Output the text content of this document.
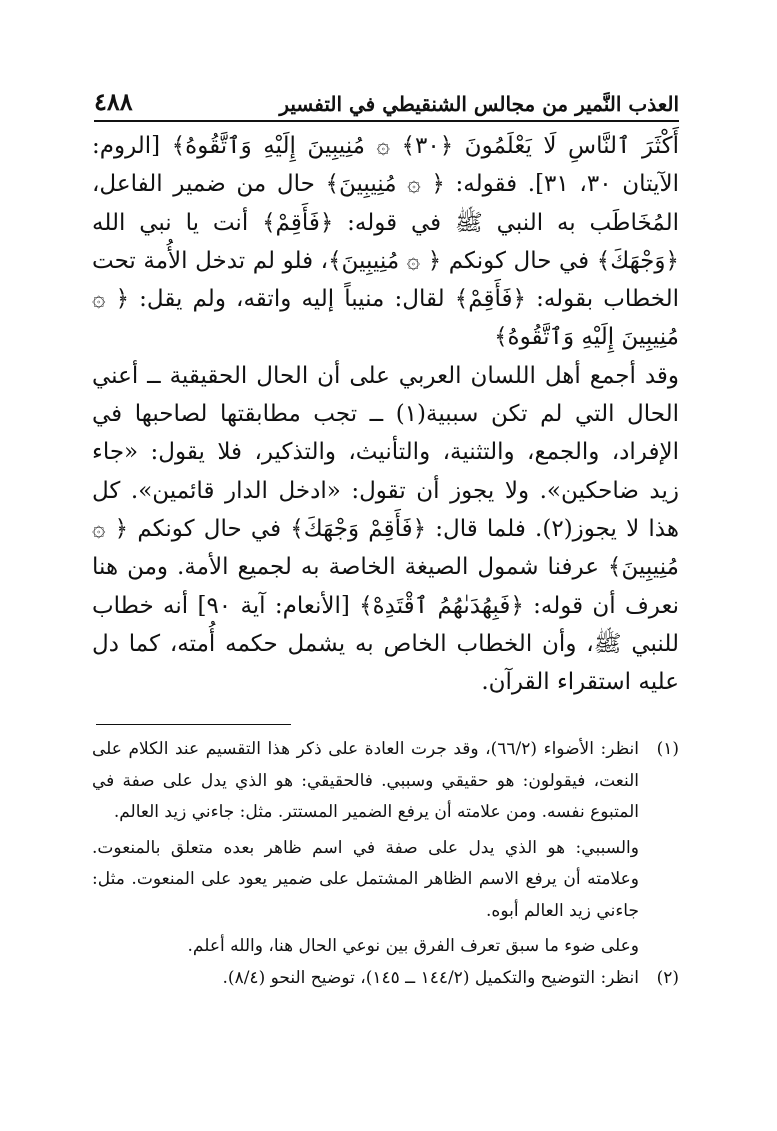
العذب النَّمير من مجالس الشنقيطي في التفسير
٤٨٨

أَكْثَرَ ٱلنَّاسِ لَا يَعْلَمُونَ ﴿٣٠﴾ ۞ مُنِيبِينَ إِلَيْهِ وَٱتَّقُوهُ﴾ [الروم: الآيتان ٣٠، ٣١]. فقوله: ﴿ ۞ مُنِيبِينَ﴾ حال من ضمير الفاعل، المُخَاطَب به النبي ﷺ في قوله: ﴿فَأَقِمْ﴾ أنت يا نبي الله ﴿وَجْهَكَ﴾ في حال كونكم ﴿ ۞ مُنِيبِينَ﴾، فلو لم تدخل الأُمة تحت الخطاب بقوله: ﴿فَأَقِمْ﴾ لقال: منيباً إليه واتقه، ولم يقل: ﴿ ۞ مُنِيبِينَ إِلَيْهِ وَٱتَّقُوهُ﴾

وقد أجمع أهل اللسان العربي على أن الحال الحقيقية ــ أعني الحال التي لم تكن سببية(١) ــ تجب مطابقتها لصاحبها في الإفراد، والجمع، والتثنية، والتأنيث، والتذكير، فلا يقول: «جاء زيد ضاحكين». ولا يجوز أن تقول: «ادخل الدار قائمين». كل هذا لا يجوز(٢). فلما قال: ﴿فَأَقِمْ وَجْهَكَ﴾ في حال كونكم ﴿ ۞ مُنِيبِينَ﴾ عرفنا شمول الصيغة الخاصة به لجميع الأمة. ومن هنا نعرف أن قوله: ﴿فَبِهُدَىٰهُمُ ٱقْتَدِهْ﴾ [الأنعام: آية ٩٠] أنه خطاب للنبي ﷺ، وأن الخطاب الخاص به يشمل حكمه أُمته، كما دل عليه استقراء القرآن.

(١)

انظر: الأضواء (٦٦/٢)، وقد جرت العادة على ذكر هذا التقسيم عند الكلام على النعت، فيقولون: هو حقيقي وسببي. فالحقيقي: هو الذي يدل على صفة في المتبوع نفسه. ومن علامته أن يرفع الضمير المستتر. مثل: جاءني زيد العالم.

والسببي: هو الذي يدل على صفة في اسم ظاهر بعده متعلق بالمنعوت. وعلامته أن يرفع الاسم الظاهر المشتمل على ضمير يعود على المنعوت. مثل: جاءني زيد العالم أبوه.

وعلى ضوء ما سبق تعرف الفرق بين نوعي الحال هنا، والله أعلم.

(٢)

انظر: التوضيح والتكميل (١٤٤/٢ ــ ١٤٥)، توضيح النحو (٨/٤).
